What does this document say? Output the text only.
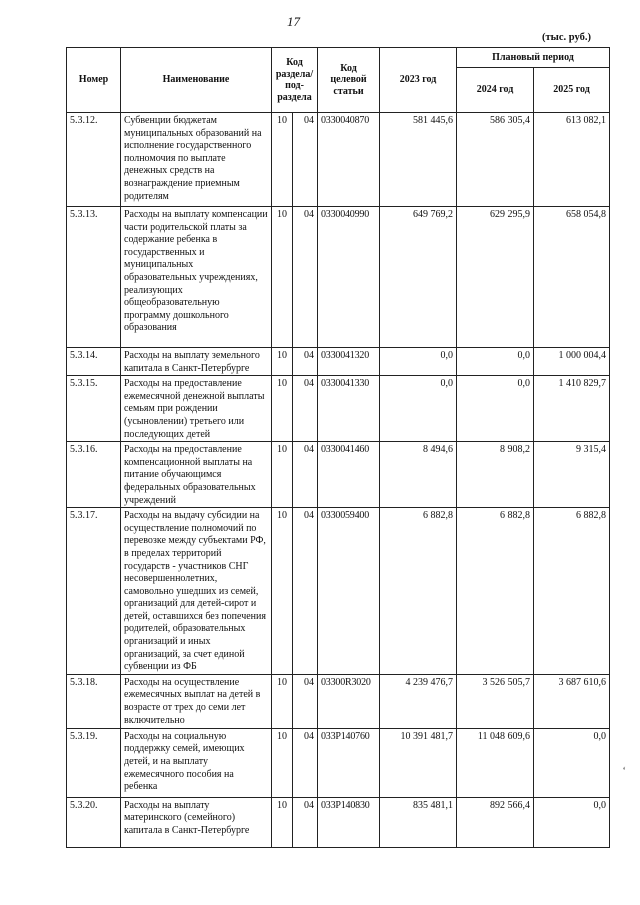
17
(тыс. руб.)
Номер	Наименование	Код раздела/ под-раздела		Код целевой статьи	2023 год	Плановый период	
						2024 год	2025 год
5.3.12.	Субвенции бюджетам муниципальных образований на исполнение государственного полномочия по выплате денежных средств на вознаграждение приемным родителям	10	04	0330040870	581 445,6	586 305,4	613 082,1
5.3.13.	Расходы на выплату компенсации части родительской платы за содержание ребенка в государственных и муниципальных образовательных учреждениях, реализующих общеобразовательную программу дошкольного образования	10	04	0330040990	649 769,2	629 295,9	658 054,8
5.3.14.	Расходы на выплату земельного капитала в Санкт-Петербурге	10	04	0330041320	0,0	0,0	1 000 004,4
5.3.15.	Расходы на предоставление ежемесячной денежной выплаты семьям при рождении (усыновлении) третьего или последующих детей	10	04	0330041330	0,0	0,0	1 410 829,7
5.3.16.	Расходы на предоставление компенсационной выплаты на питание обучающимся федеральных образовательных учреждений	10	04	0330041460	8 494,6	8 908,2	9 315,4
5.3.17.	Расходы на выдачу субсидии на осуществление полномочий по перевозке между субъектами РФ, в пределах территорий государств - участников СНГ несовершеннолетних, самовольно ушедших из семей, организаций для детей-сирот и детей, оставшихся без попечения родителей, образовательных организаций и иных организаций, за счет единой субвенции из ФБ	10	04	0330059400	6 882,8	6 882,8	6 882,8
5.3.18.	Расходы на осуществление ежемесячных выплат на детей в возрасте от трех до семи лет включительно	10	04	03300R3020	4 239 476,7	3 526 505,7	3 687 610,6
5.3.19.	Расходы на социальную поддержку семей, имеющих детей, и на выплату ежемесячного пособия на ребенка	10	04	033P140760	10 391 481,7	11 048 609,6	0,0
5.3.20.	Расходы на выплату материнского (семейного) капитала в Санкт-Петербурге	10	04	033P140830	835 481,1	892 566,4	0,0
‘
